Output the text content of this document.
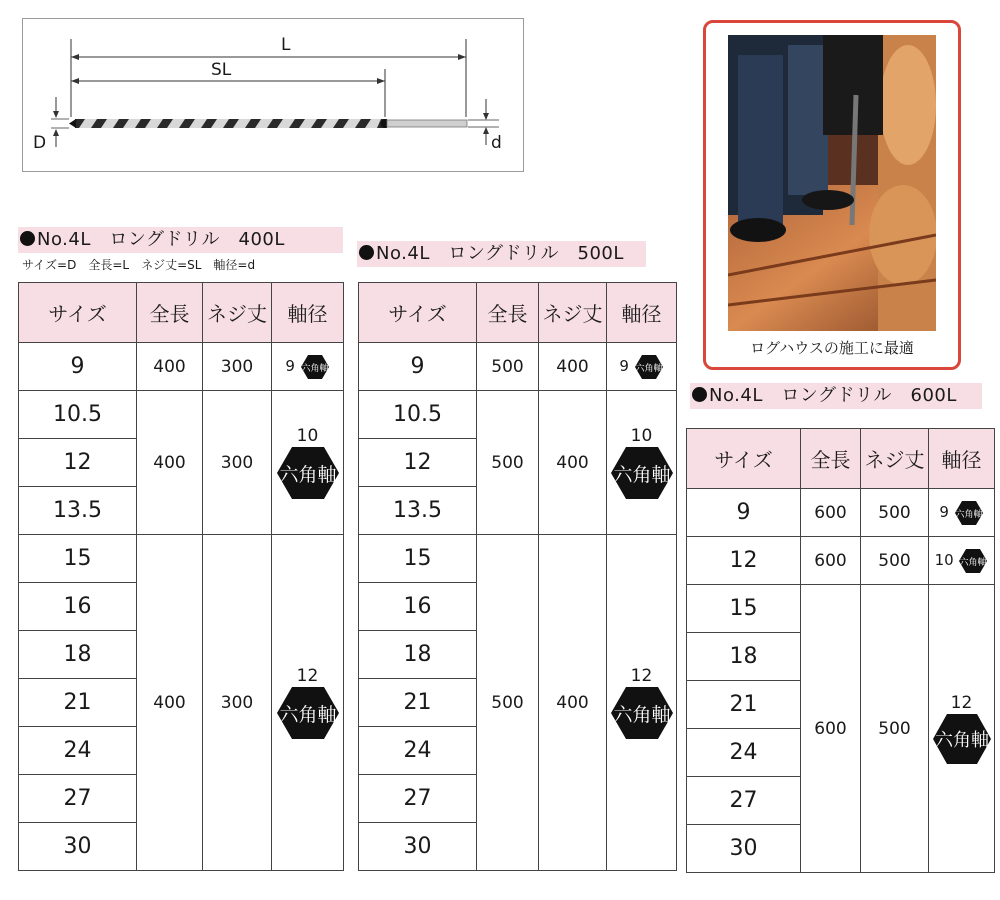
L
SL
D	d
ログハウスの施工に最適
No.4L　ロングドリル　400L
サイズ=D　全長=L　ネジ丈=SL　軸径=d
No.4L　ロングドリル　500L
No.4L　ロングドリル　600L
サイズ	全長	ネジ丈	軸径
9	400	300	9 六角軸

10.5	400	300	10
六角軸

12			
13.5			
15	400	300	12
六角軸

16			
18			
21			
24			
27			
30			
サイズ	全長	ネジ丈	軸径
9	500	400	9 六角軸

10.5	500	400	10
六角軸

12			
13.5			
15	500	400	12
六角軸

16			
18			
21			
24			
27			
30			
サイズ	全長	ネジ丈	軸径
9	600	500	9 六角軸

12	600	500	10 六角軸

15	600	500	12
六角軸

18			
21			
24			
27			
30			
